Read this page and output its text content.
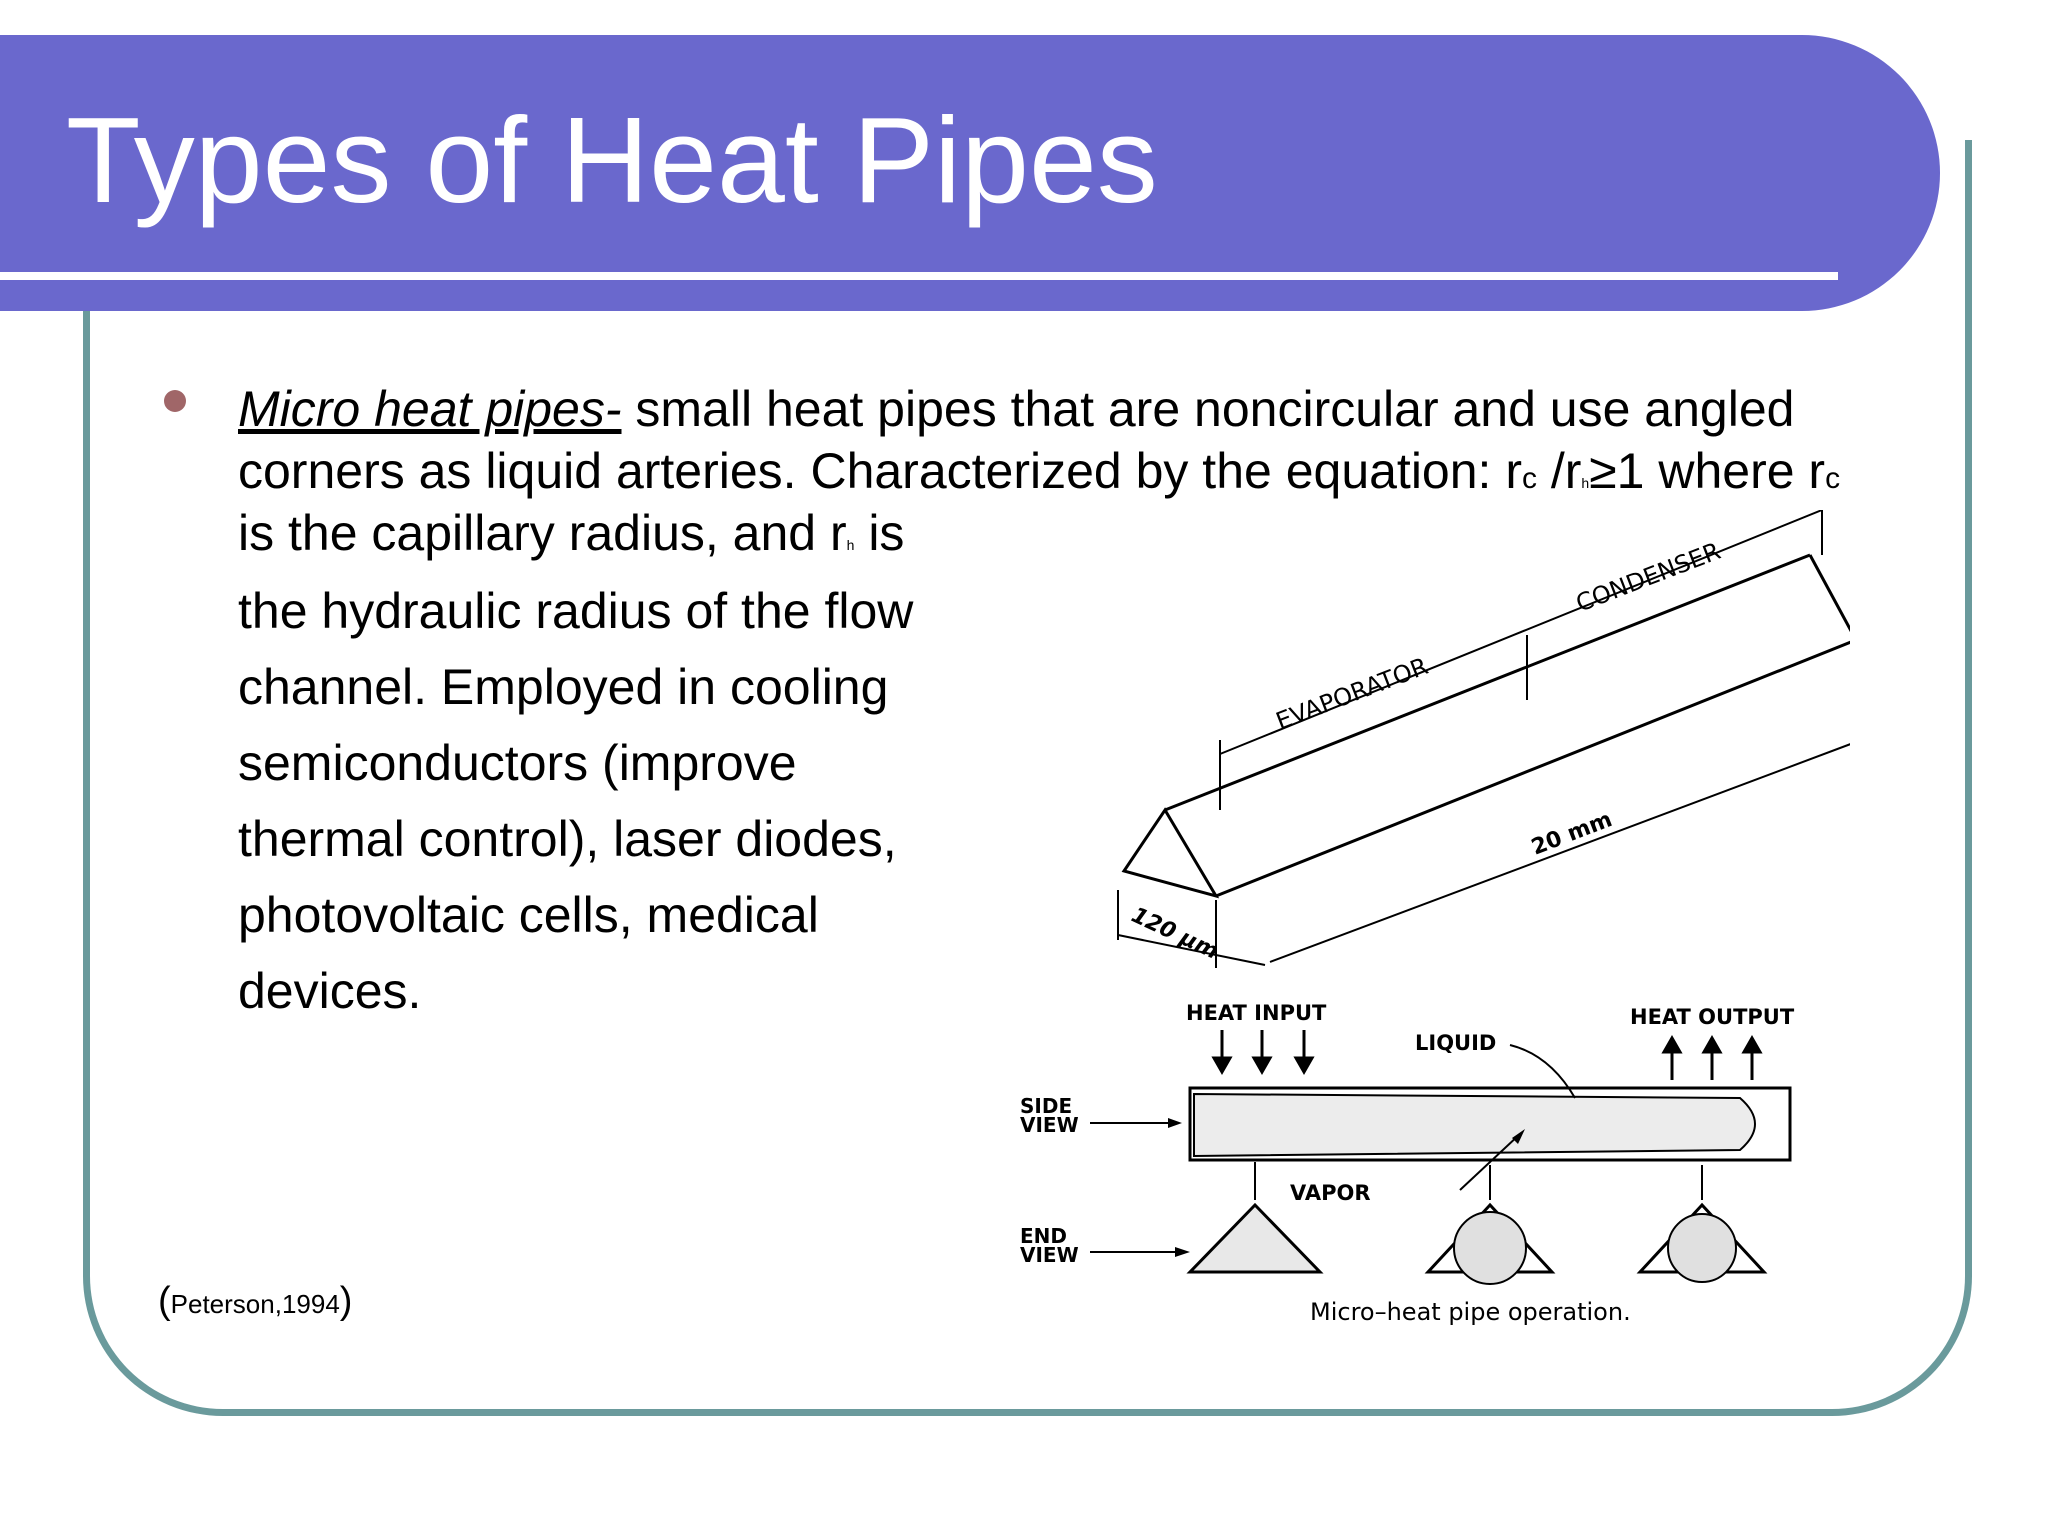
Types of Heat Pipes
Micro heat pipes- small heat pipes that are noncircular and use angled
corners as liquid arteries. Characterized by the equation: rc /rh≥1 where rc
is the capillary radius, and rh is
the hydraulic radius of the flow
channel. Employed in cooling
semiconductors (improve
thermal control), laser diodes,
photovoltaic cells, medical
devices.
(Peterson,1994)
CONDENSER
EVAPORATOR
20 mm
120 μm
HEAT INPUT	HEAT OUTPUT
LIQUID
SIDE
VIEW
VAPOR
END
VIEW
Micro–heat pipe operation.
